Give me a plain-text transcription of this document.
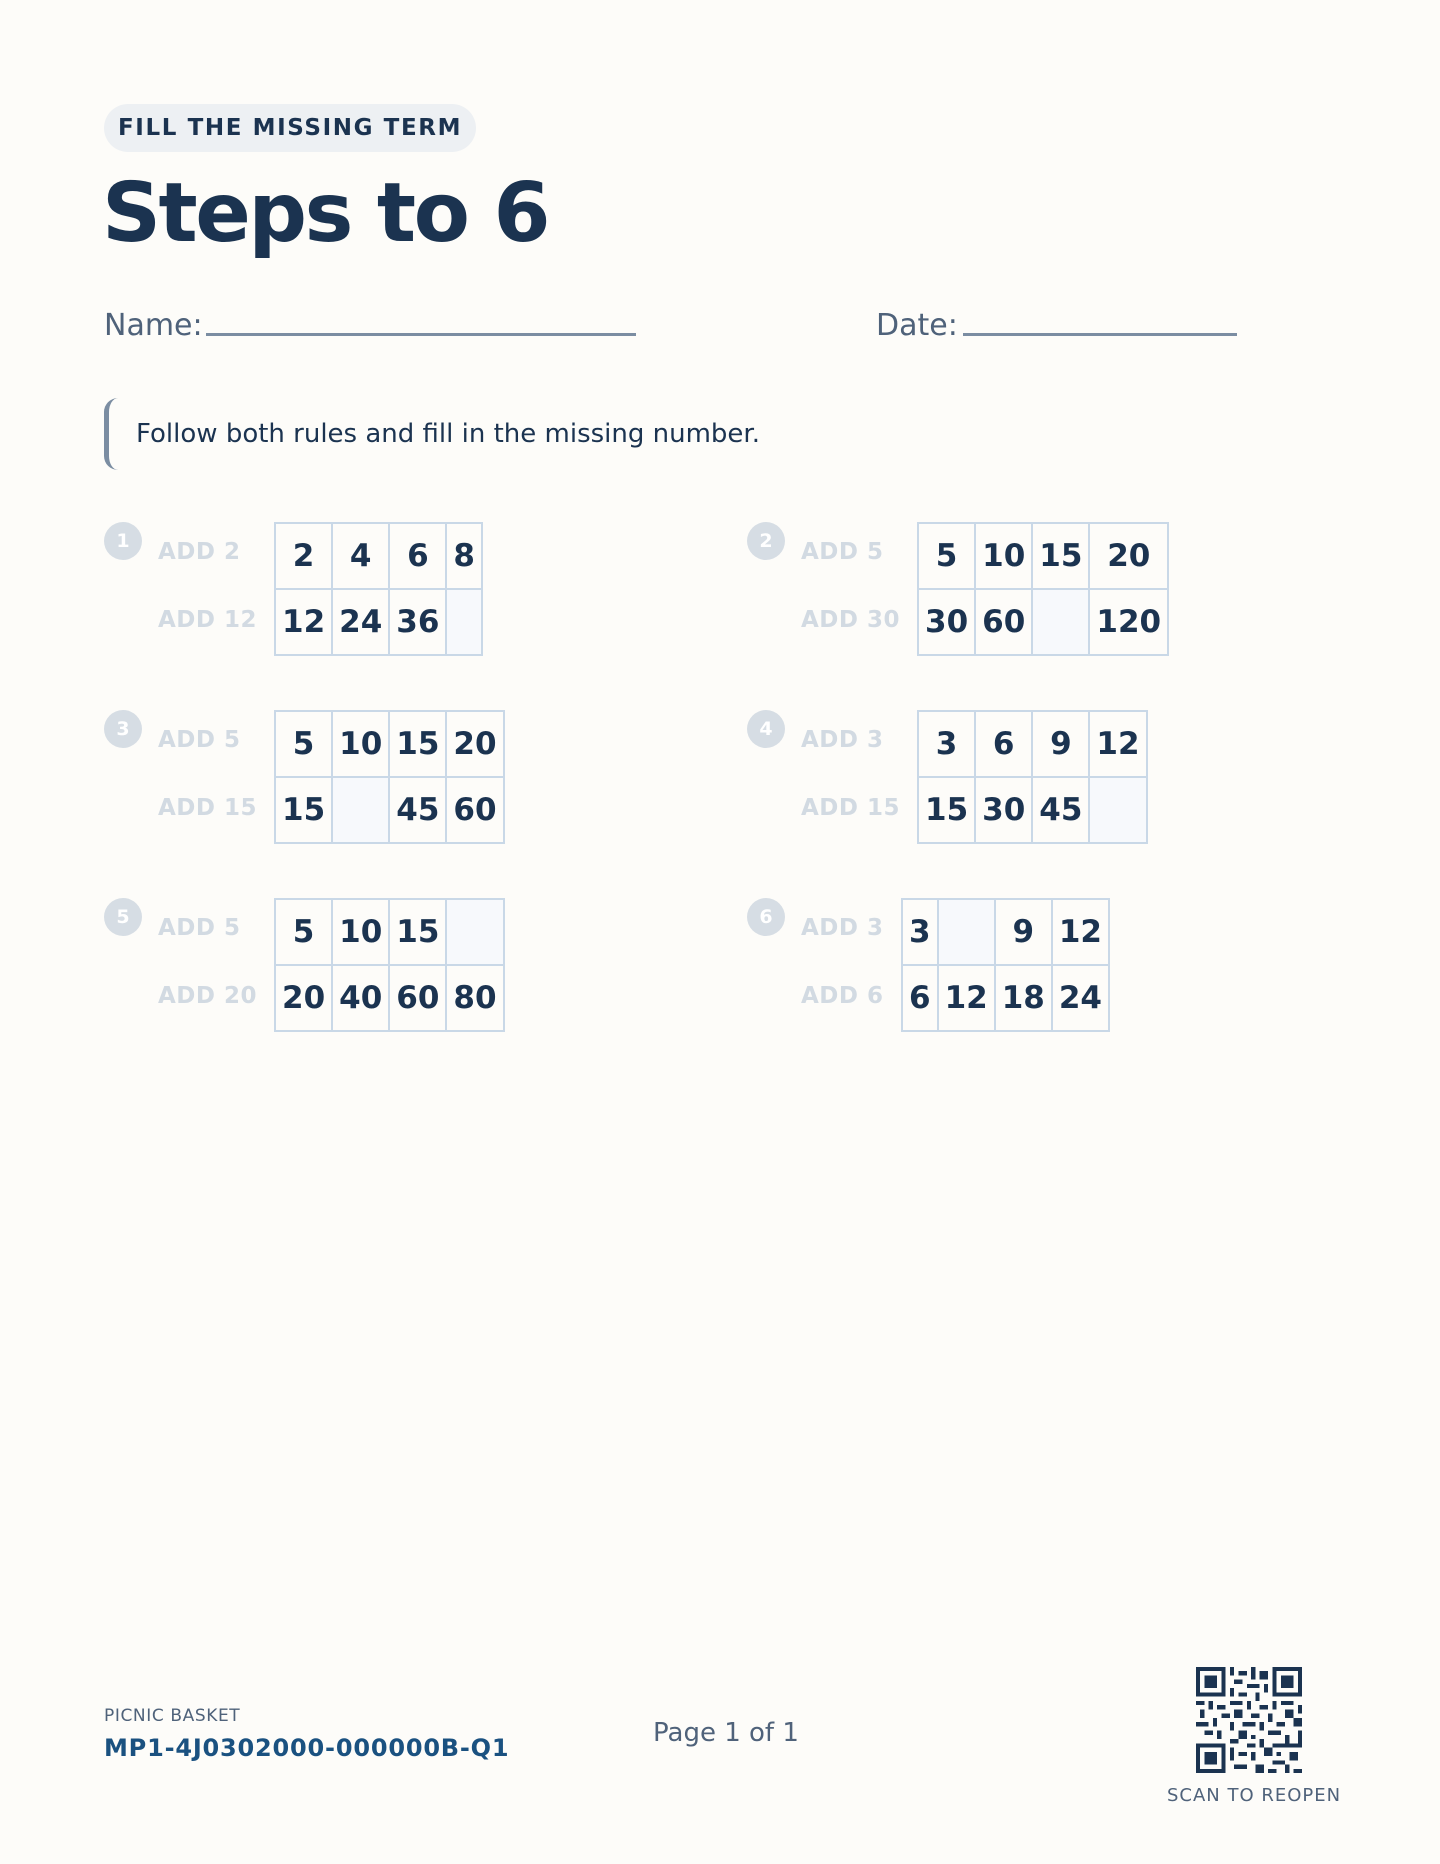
FILL THE MISSING TERM
Steps to 6
Name:	Date:
Follow both rules and fill in the missing number.
1	ADD 2
ADD 12
2	4	6	8
12	24	36	
2	ADD 5
ADD 30
5	10	15	20
30	60		120
3	ADD 5
ADD 15
5	10	15	20
15		45	60
4	ADD 3
ADD 15
3	6	9	12
15	30	45	
5	ADD 5
ADD 20
5	10	15	
20	40	60	80
6	ADD 3
ADD 6
3		9	12
6	12	18	24
PICNIC BASKET
MP1-4J0302000-000000B-Q1	Page 1 of 1
SCAN TO REOPEN
